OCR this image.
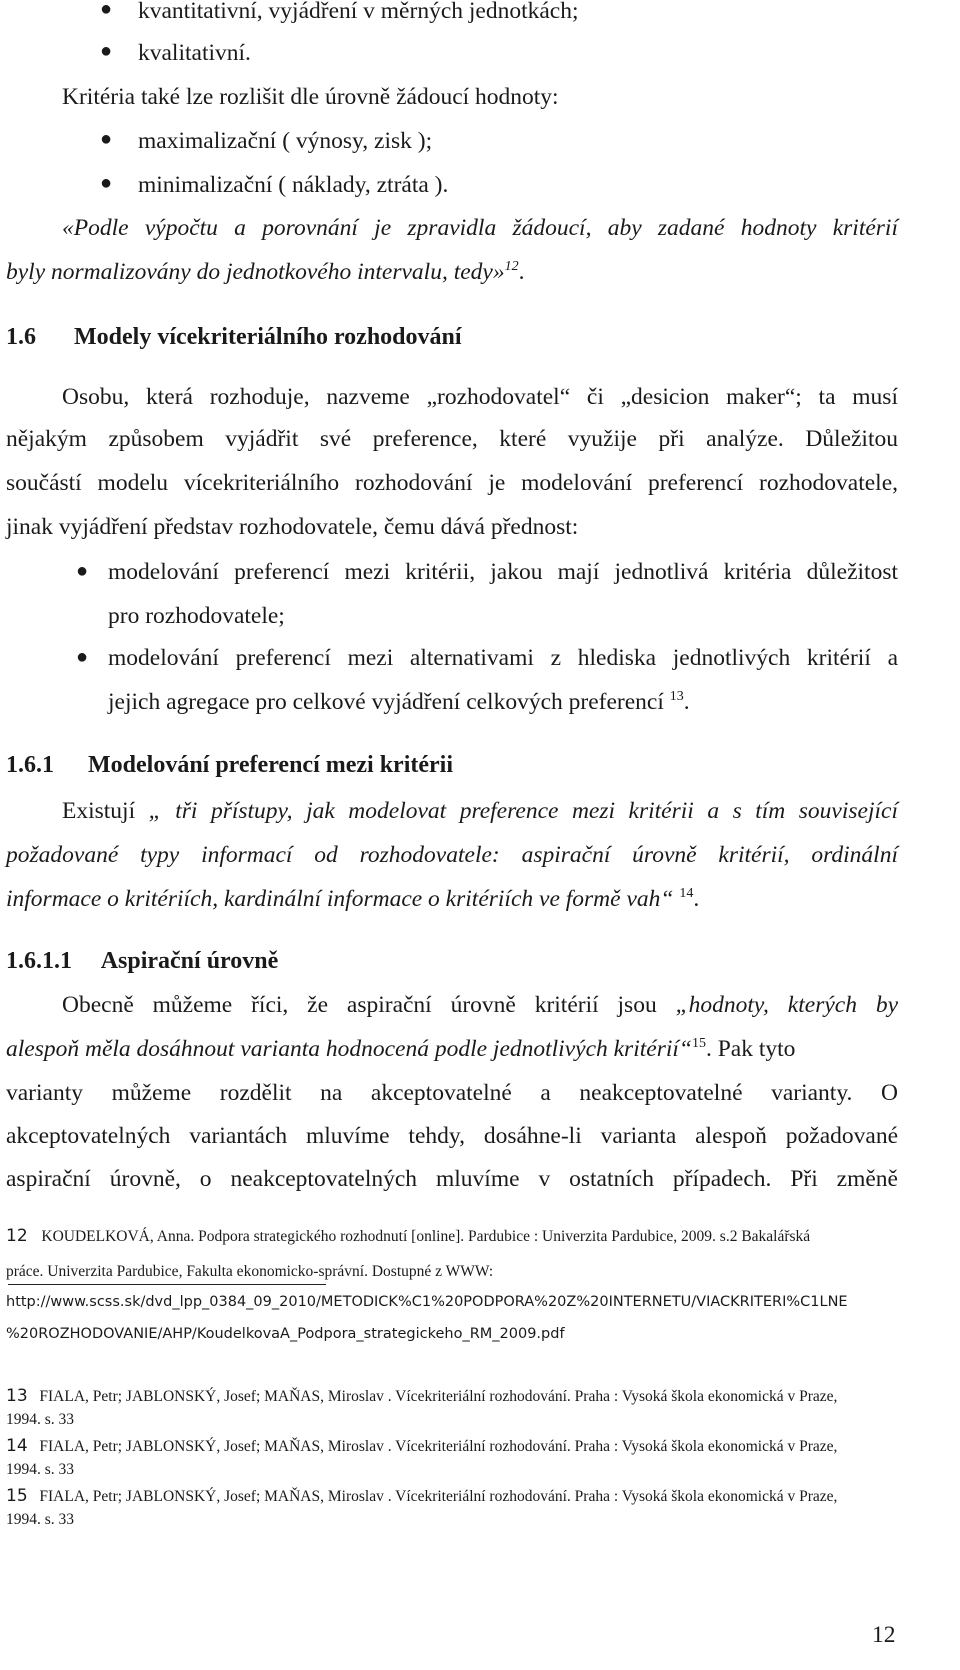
● kvantitativní, vyjádření v měrných jednotkách;
● kvalitativní.
Kritéria také lze rozlišit dle úrovně žádoucí hodnoty:
● maximalizační ( výnosy, zisk );
● minimalizační ( náklady, ztráta ).
«Podle výpočtu a porovnání je zpravidla žádoucí, aby zadané hodnoty kritérií
byly normalizovány do jednotkového intervalu, tedy»$^{12}$.
1.6 Modely vícekriteriálního rozhodování
Osobu, která rozhoduje, nazveme „rozhodovatel“ či „desicion maker“; ta musí
nějakým způsobem vyjádřit své preference, které využije při analýze. Důležitou
součástí modelu vícekriteriálního rozhodování je modelování preferencí rozhodovatele,
jinak vyjádření představ rozhodovatele, čemu dává přednost:
● modelování preferencí mezi kritérii, jakou mají jednotlivá kritéria důležitost
pro rozhodovatele;
● modelování preferencí mezi alternativami z hlediska jednotlivých kritérií a
jejich agregace pro celkové vyjádření celkových preferencí $^{13}$.
1.6.1 Modelování preferencí mezi kritérii
Existují „ tři přístupy, jak modelovat preference mezi kritérii a s tím související
požadované typy informací od rozhodovatele: aspirační úrovně kritérií, ordinální
informace o kritériích, kardinální informace o kritériích ve formě vah“ $^{14}$.
1.6.1.1 Aspirační úrovně
Obecně můžeme říci, že aspirační úrovně kritérií jsou „hodnoty, kterých by
alespoň měla dosáhnout varianta hodnocená podle jednotlivých kritérií“$^{15}$. Pak tyto
varianty můžeme rozdělit na akceptovatelné a neakceptovatelné varianty. O
akceptovatelných variantách mluvíme tehdy, dosáhne-li varianta alespoň požadované
aspirační úrovně, o neakceptovatelných mluvíme v ostatních případech. Při změně
12 KOUDELKOVÁ, Anna. Podpora strategického rozhodnutí [online]. Pardubice : Univerzita Pardubice, 2009. s.2 Bakalářská
práce. Univerzita Pardubice, Fakulta ekonomicko-správní. Dostupné z WWW:
http://www.scss.sk/dvd_lpp_0384_09_2010/METODICK%C1%20PODPORA%20Z%20INTERNETU/VIACKRITERI%C1LNE
%20ROZHODOVANIE/AHP/KoudelkovaA_Podpora_strategickeho_RM_2009.pdf
13 FIALA, Petr; JABLONSKÝ, Josef; MAŇAS, Miroslav . Vícekriteriální rozhodování. Praha : Vysoká škola ekonomická v Praze,
1994. s. 33
14 FIALA, Petr; JABLONSKÝ, Josef; MAŇAS, Miroslav . Vícekriteriální rozhodování. Praha : Vysoká škola ekonomická v Praze,
1994. s. 33
15 FIALA, Petr; JABLONSKÝ, Josef; MAŇAS, Miroslav . Vícekriteriální rozhodování. Praha : Vysoká škola ekonomická v Praze,
1994. s. 33
12
